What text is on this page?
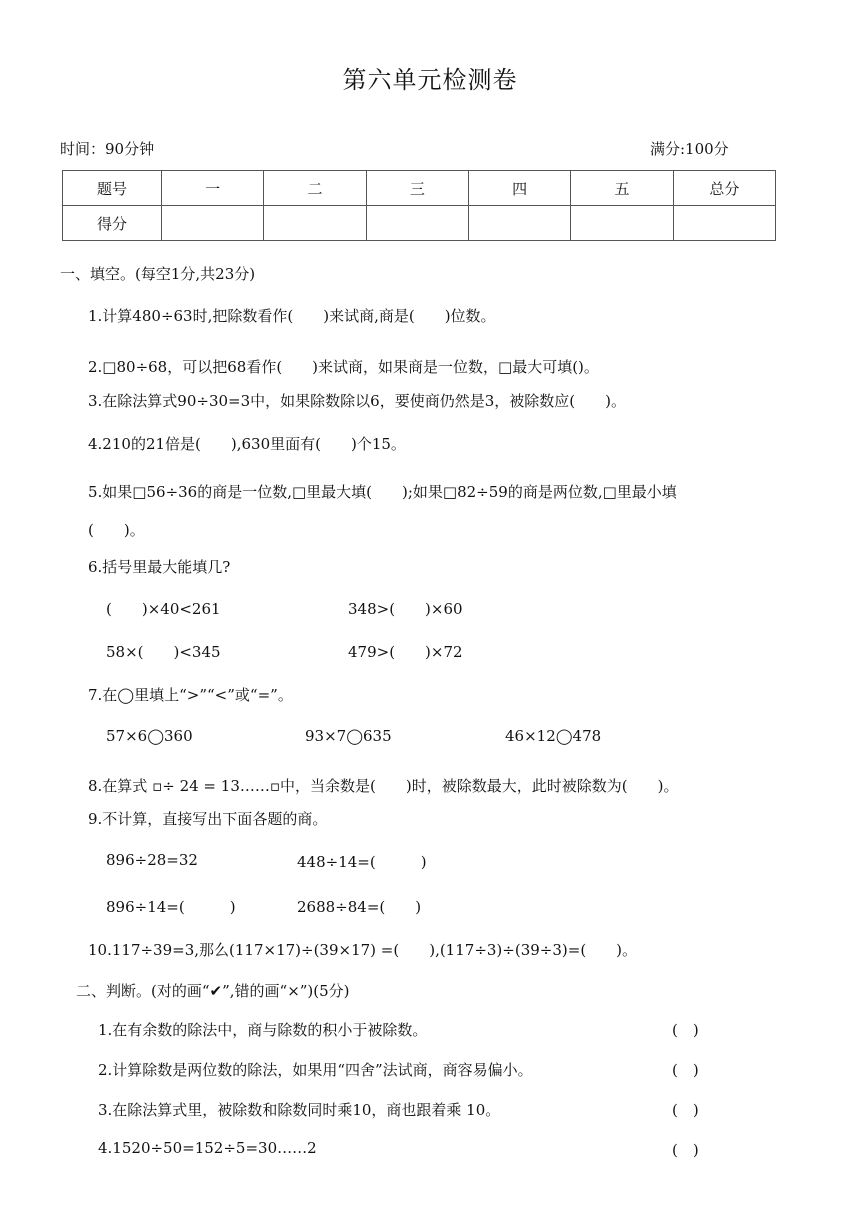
第六单元检测卷
时间：90分钟	满分:100分
题号	一	二	三	四	五	总分
得分						
一、填空。(每空1分,共23分)
1.计算480÷63时,把除数看作(　　)来试商,商是(　　)位数。
2.□80÷68，可以把68看作(　　)来试商，如果商是一位数，□最大可填()。
3.在除法算式90÷30=3中，如果除数除以6，要使商仍然是3，被除数应(　　)。
4.210的21倍是(　　),630里面有(　　)个15。
5.如果□56÷36的商是一位数,□里最大填(　　);如果□82÷59的商是两位数,□里最小填
(　　)。
6.括号里最大能填几?
(　　)×40<261	348>(　　)×60
58×(　　)<345	479>(　　)×72
7.在◯里填上“>”“<”或“=”。
57×6◯360	93×7◯635	46×12◯478
8.在算式 ▫÷ 24 = 13……▫中，当余数是(　　)时，被除数最大，此时被除数为(　　)。
9.不计算，直接写出下面各题的商。
896÷28=32	448÷14=(　　　)
896÷14=(　　　)	2688÷84=(　　)
10.117÷39=3,那么(117×17)÷(39×17) =(　　),(117÷3)÷(39÷3)=(　　)。
二、判断。(对的画“✔”,错的画“×”)(5分)
1.在有余数的除法中，商与除数的积小于被除数。	(　)
2.计算除数是两位数的除法，如果用“四舍”法试商，商容易偏小。	(　)
3.在除法算式里，被除数和除数同时乘10，商也跟着乘 10。	(　)
4.1520÷50=152÷5=30……2	(　)
